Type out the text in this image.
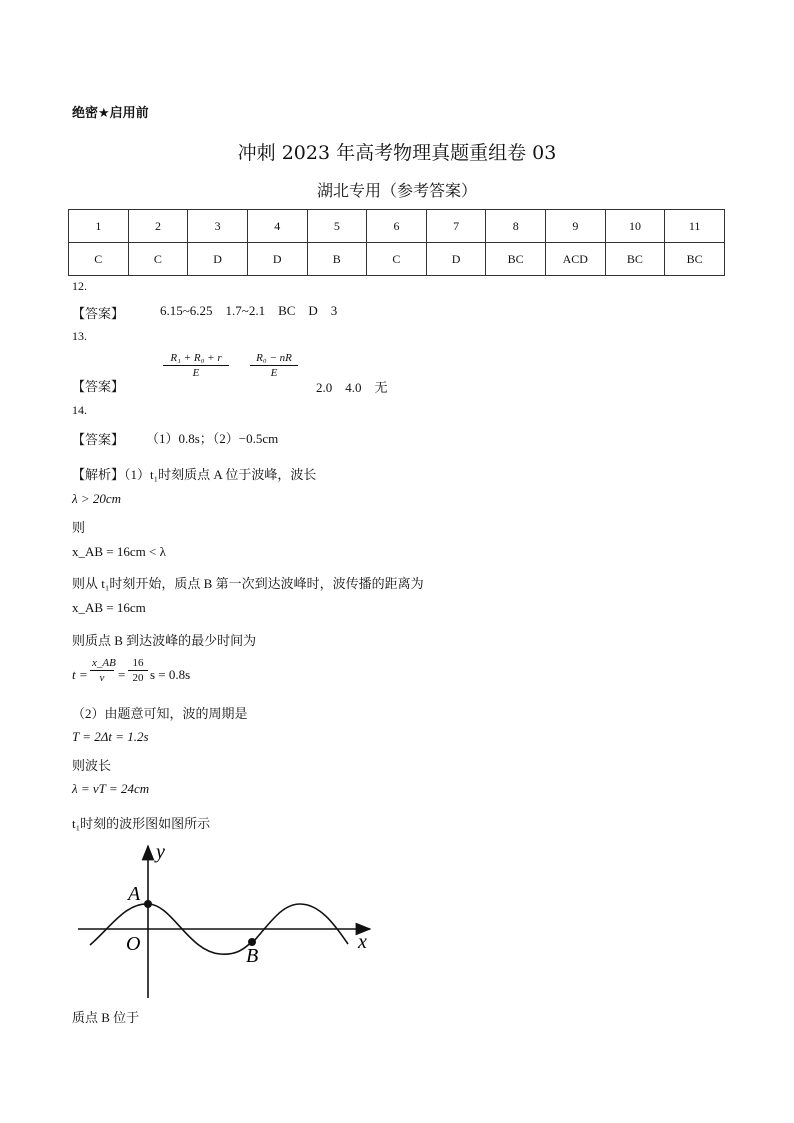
绝密★启用前
冲刺 2023 年高考物理真题重组卷 03
湖北专用（参考答案）
1	2	3	4	5	6	7	8	9	10	11
C	C	D	D	B	C	D	BC	ACD	BC	BC
12.
【答案】	6.15~6.25    1.7~2.1    BC    D    3
13.
【答案】
$\frac{\text{R₁ + R₀ + r}}{E} \frac{\text{R₀ − nR}}{E}$
2.0    4.0    无
14.
【答案】 （1）0.8s；（2）−0.5cm
【解析】（1）t₁时刻质点 A 位于波峰，波长
λ > 20cm
则
x_AB = 16cm < λ
则从 t₁时刻开始，质点 B 第一次到达波峰时，波传播的距离为
x_AB = 16cm
则质点 B 到达波峰的最少时间为
$t = \frac{x\_AB}{v} = \frac{16}{20}$ s = 0.8s
（2）由题意可知，波的周期是
T = 2Δt = 1.2s
则波长
λ = vT = 24cm
t₁时刻的波形图如图所示
y
x
O
A
B
质点 B 位于
